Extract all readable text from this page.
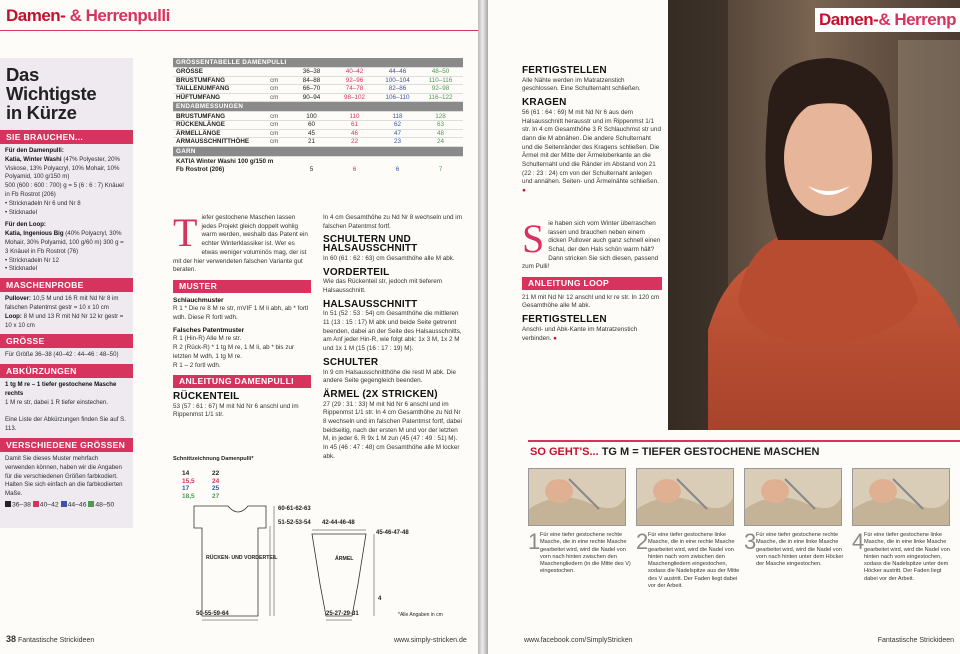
Damen- & Herrenpulli
Das Wichtigste
in Kürze
SIE BRAUCHEN...
Für den Damenpulli:
Katia, Winter Washi (47% Polyester, 20% Viskose, 13% Polyacryl, 10% Mohair, 10% Polyamid, 100 g/150 m)
500 (600 : 600 : 700) g = 5 (6 : 6 : 7) Knäuel in Fb Rostrot (206)
• Stricknadeln Nr 6 und Nr 8
• Sticknadel
Für den Loop:
Katia, Ingenious Big (40% Polyacryl, 30% Mohair, 30% Polyamid, 100 g/60 m) 300 g = 3 Knäuel in Fb Rostrot (76)
• Stricknadeln Nr 12
• Sticknadel
MASCHENPROBE
Pullover: 10,5 M und 16 R mit Nd Nr 8 im falschen Patentmst gestr = 10 x 10 cm
Loop: 8 M und 13 R mit Nd Nr 12 kr gestr = 10 x 10 cm
GRÖSSE
Für Größe 36–38 (40–42 : 44–46 : 48–50)
ABKÜRZUNGEN
1 tg M re – 1 tiefer gestochene Masche rechts
1 M re str, dabei 1 R tiefer einstechen.

Eine Liste der Abkürzungen finden Sie auf S. 113.
VERSCHIEDENE GRÖSSEN
Damit Sie dieses Muster mehrfach verwenden können, haben wir die Angaben für die verschiedenen Größen farbkodiert. Halten Sie sich einfach an die farbkodierten Maße.
36–38 40–42 44–46 48–50
GRÖSSENTABELLE DAMENPULLI
GRÖSSE	36–38	40–42	44–46	48–50
BRUSTUMFANG	cm	84–88	92–96	100–104	110–116
TAILLENUMFANG	cm	66–70	74–78	82–86	92–98
HÜFTUMFANG	cm	90–94	98–102	106–110	116–122
ENDABMESSUNGEN
BRUSTUMFANG	cm	100	110	118	128
RÜCKENLÄNGE	cm	60	61	62	63
ÄRMELLÄNGE	cm	45	46	47	48
ARMAUSSCHNITTHÖHE	cm	21	22	23	24
GARN
KATIA Winter Washi 100 g/150 m
Fb Rostrot (206)	5	6	6	7

Tiefer gestochene Maschen lassen jedes Projekt gleich doppelt wohlig warm werden, weshalb das Patent ein echter Winterklassiker ist. Wer es etwas weniger voluminös mag, der ist mit der hier verwendeten falschen Variante gut beraten.

MUSTER
Schlauchmuster

R 1 * Die re 8 M re str, mVIF 1 M li abh, ab * fortl wdh. Diese R fortl wdh.

Falsches Patentmuster

R 1 (Hin-R) Alle M re str.
R 2 (Rück-R) * 1 tg M re, 1 M li, ab * bis zur letzten M wdh, 1 tg M re.
R 1 – 2 fortl wdh.

ANLEITUNG DAMENPULLI
RÜCKENTEIL

53 (57 : 61 : 67) M mit Nd Nr 6 anschl und im Rippenmst 1/1 str.

In 4 cm Gesamthöhe zu Nd Nr 8 wechseln und im falschen Patentmst fortf.

SCHULTERN UND HALSAUSSCHNITT

In 60 (61 : 62 : 63) cm Gesamthöhe alle M abk.

VORDERTEIL

Wie das Rückenteil str, jedoch mit tieferem Halsausschnitt.

HALSAUSSCHNITT

In 51 (52 : 53 : 54) cm Gesamthöhe die mittleren 11 (13 : 15 : 17) M abk und beide Seite getrennt beenden, dabei an der Seite des Halsausschnitts, am Anf jeder Hin-R, wie folgt abk: 1x 3 M, 1x 2 M und 1x 1 M (15 (16 : 17 : 19) M).

SCHULTER

In 9 cm Halsausschnitthöhe die restl M abk. Die andere Seite gegengleich beenden.

ÄRMEL (2X STRICKEN)

27 (29 : 31 : 33) M mit Nd Nr 6 anschl und im Rippenmst 1/1 str. In 4 cm Gesamthöhe zu Nd Nr 8 wechseln und im falschen Patentmst fortf, dabei beidseitig, nach der ersten M und vor der letzten M, in jeder 6. R 9x 1 M zun (45 (47 : 49 : 51) M). In 45 (46 : 47 : 48) cm Gesamthöhe alle M locker abk.

Schnittzeichnung Damenpulli*
14
15,5
17
18,5
22
24
25
27
60-61-62-63
51-52-53-54
RÜCKEN- UND VORDERTEIL
50-55-59-64
42-44-46-48
45-46-47-48
ÄRMEL
4
25-27-29-31	*Alle Angaben in cm
38 Fantastische Strickideen	www.simply-stricken.de
FERTIGSTELLEN

Alle Nähte werden im Matratzenstich geschlossen. Eine Schulternaht schließen.

KRAGEN

56 (61 : 64 : 69) M mit Nd Nr 6 aus dem Halsausschnitt herausstr und im Rippenmst 1/1 str. In 4 cm Gesamthöhe 3 R Schlauchmst str und dann die M abnähen. Die andere Schulternaht und die Seitenränder des Kragens schließen. Die Ärmel mit der Mitte der Ärmeloberkante an die Schulternaht und die Ränder im Abstand von 21 (22 : 23 : 24) cm von der Schulternaht anlegen und annähen. Seiten- und Ärmelnähte schließen. ●

Sie haben sich vom Winter überraschen lassen und brauchen neben einem dicken Pullover auch ganz schnell einen Schal, der den Hals schön warm hält? Dann stricken Sie sich diesen, passend zum Pulli!

ANLEITUNG LOOP

21 M mit Nd Nr 12 anschl und kr re str. In 120 cm Gesamthöhe alle M abk.

FERTIGSTELLEN

Anschl- und Abk-Kante im Matratzenstich verbinden. ●

Damen-& Herrenp
SO GEHT'S... TG M = TIEFER GESTOCHENE MASCHEN
1 Für eine tiefer gestochene rechte Masche, die in eine rechte Masche gearbeitet wird, wird die Nadel von vorn nach hinten zwischen den Maschengliedern (in die Mitte des V) eingestochen.
2 Für eine tiefer gestochene linke Masche, die in eine rechte Masche gearbeitet wird, wird die Nadel von hinten nach vorn zwischen den Maschengliedern eingestochen, sodass die Nadelspitze aus der Mitte des V austritt. Der Faden liegt dabei vor der Arbeit.
3 Für eine tiefer gestochene rechte Masche, die in eine linke Masche gearbeitet wird, wird die Nadel von vorn nach hinten unter dem Höcker der Masche eingestochen.
4 Für eine tiefer gestochene linke Masche, die in eine linke Masche gearbeitet wird, wird die Nadel von hinten nach vorn eingestochen, sodass die Nadelspitze unter dem Höcker austritt. Der Faden liegt dabei vor der Arbeit.
www.facebook.com/SimplyStricken	Fantastische Strickideen
